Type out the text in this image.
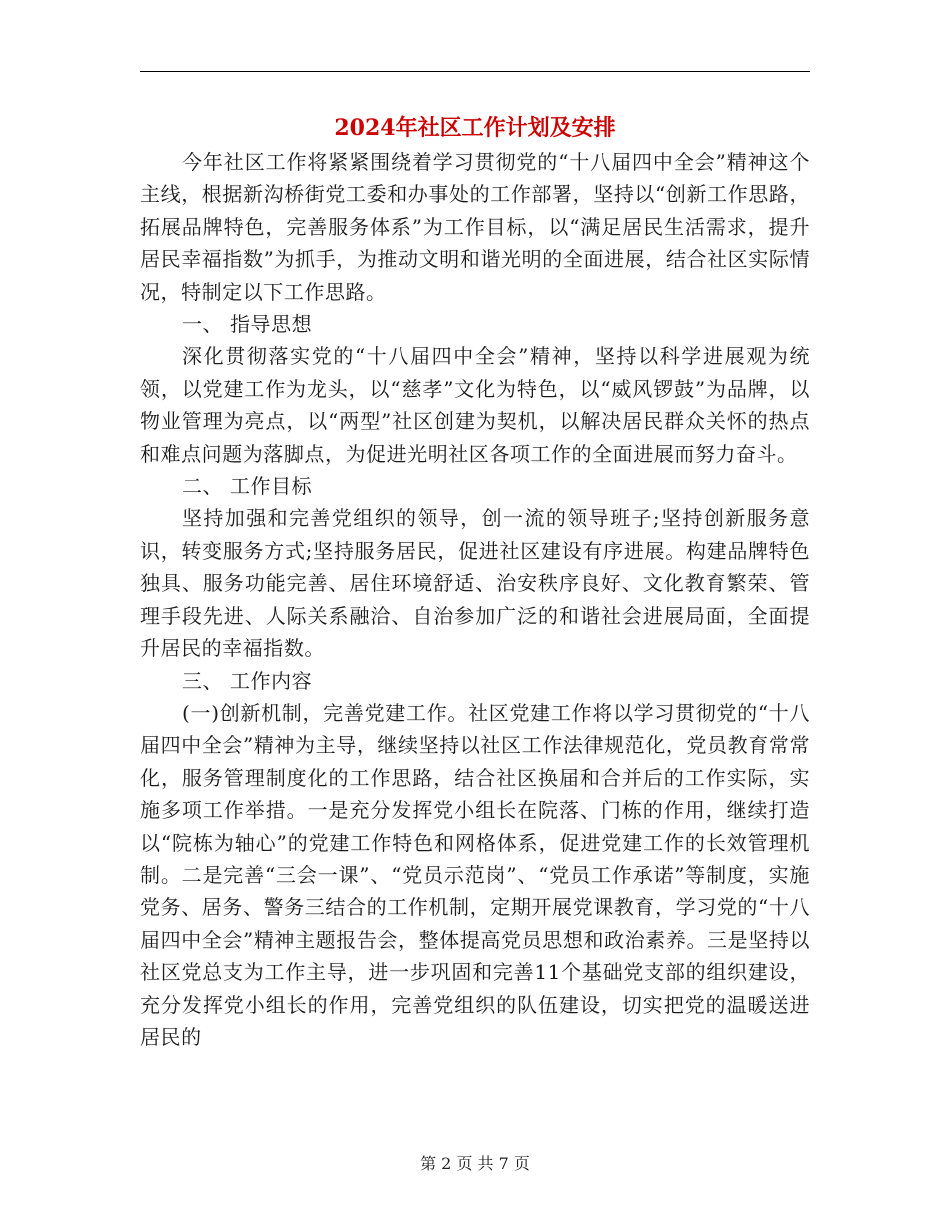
2024年社区工作计划及安排

今年社区工作将紧紧围绕着学习贯彻党的“十八届四中全会”精神这个主线，根据新沟桥街党工委和办事处的工作部署，坚持以“创新工作思路，拓展品牌特色，完善服务体系”为工作目标，以“满足居民生活需求，提升居民幸福指数”为抓手，为推动文明和谐光明的全面进展，结合社区实际情况，特制定以下工作思路。

一、 指导思想

深化贯彻落实党的“十八届四中全会”精神，坚持以科学进展观为统领，以党建工作为龙头，以“慈孝”文化为特色，以“威风锣鼓”为品牌，以物业管理为亮点，以“两型”社区创建为契机，以解决居民群众关怀的热点和难点问题为落脚点，为促进光明社区各项工作的全面进展而努力奋斗。

二、 工作目标

坚持加强和完善党组织的领导，创一流的领导班子;坚持创新服务意识，转变服务方式;坚持服务居民，促进社区建设有序进展。构建品牌特色独具、服务功能完善、居住环境舒适、治安秩序良好、文化教育繁荣、管理手段先进、人际关系融洽、自治参加广泛的和谐社会进展局面，全面提升居民的幸福指数。

三、 工作内容

(一)创新机制，完善党建工作。社区党建工作将以学习贯彻党的“十八届四中全会”精神为主导，继续坚持以社区工作法律规范化，党员教育常常化，服务管理制度化的工作思路，结合社区换届和合并后的工作实际，实施多项工作举措。一是充分发挥党小组长在院落、门栋的作用，继续打造以“院栋为轴心”的党建工作特色和网格体系，促进党建工作的长效管理机制。二是完善“三会一课”、“党员示范岗”、“党员工作承诺”等制度，实施党务、居务、警务三结合的工作机制，定期开展党课教育，学习党的“十八届四中全会”精神主题报告会，整体提高党员思想和政治素养。三是坚持以社区党总支为工作主导，进一步巩固和完善11个基础党支部的组织建设，充分发挥党小组长的作用，完善党组织的队伍建设，切实把党的温暖送进居民的

第 2 页 共 7 页
